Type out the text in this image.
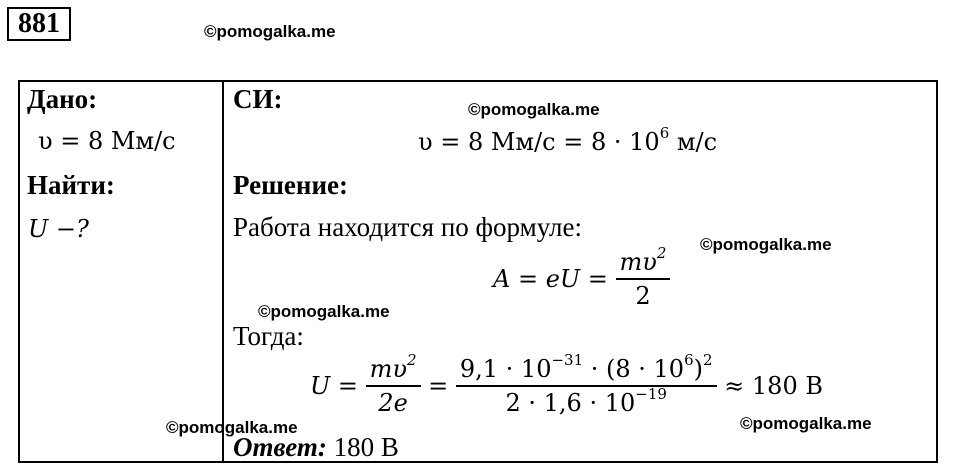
881	©pomogalka.me
Дано:
υ = 8 Мм/с
Найти:
U −?
СИ:	©pomogalka.me
υ = 8 $Мм/с = 8 \cdot 10^6$ м/с
Решение:
Работа находится по формуле:
©pomogalka.me
A = eU = $\frac{m\upsilon^2}{2}$
©pomogalka.me
Тогда:
$U = \frac{m\upsilon^2}{2e} = \frac{9,1 \cdot 10^{-31} \cdot (8 \cdot 10^6)^2}{2 \cdot 1,6 \cdot 10^{-19}} \approx 180$ В
©pomogalka.me	©pomogalka.me
Ответ: 180 В
